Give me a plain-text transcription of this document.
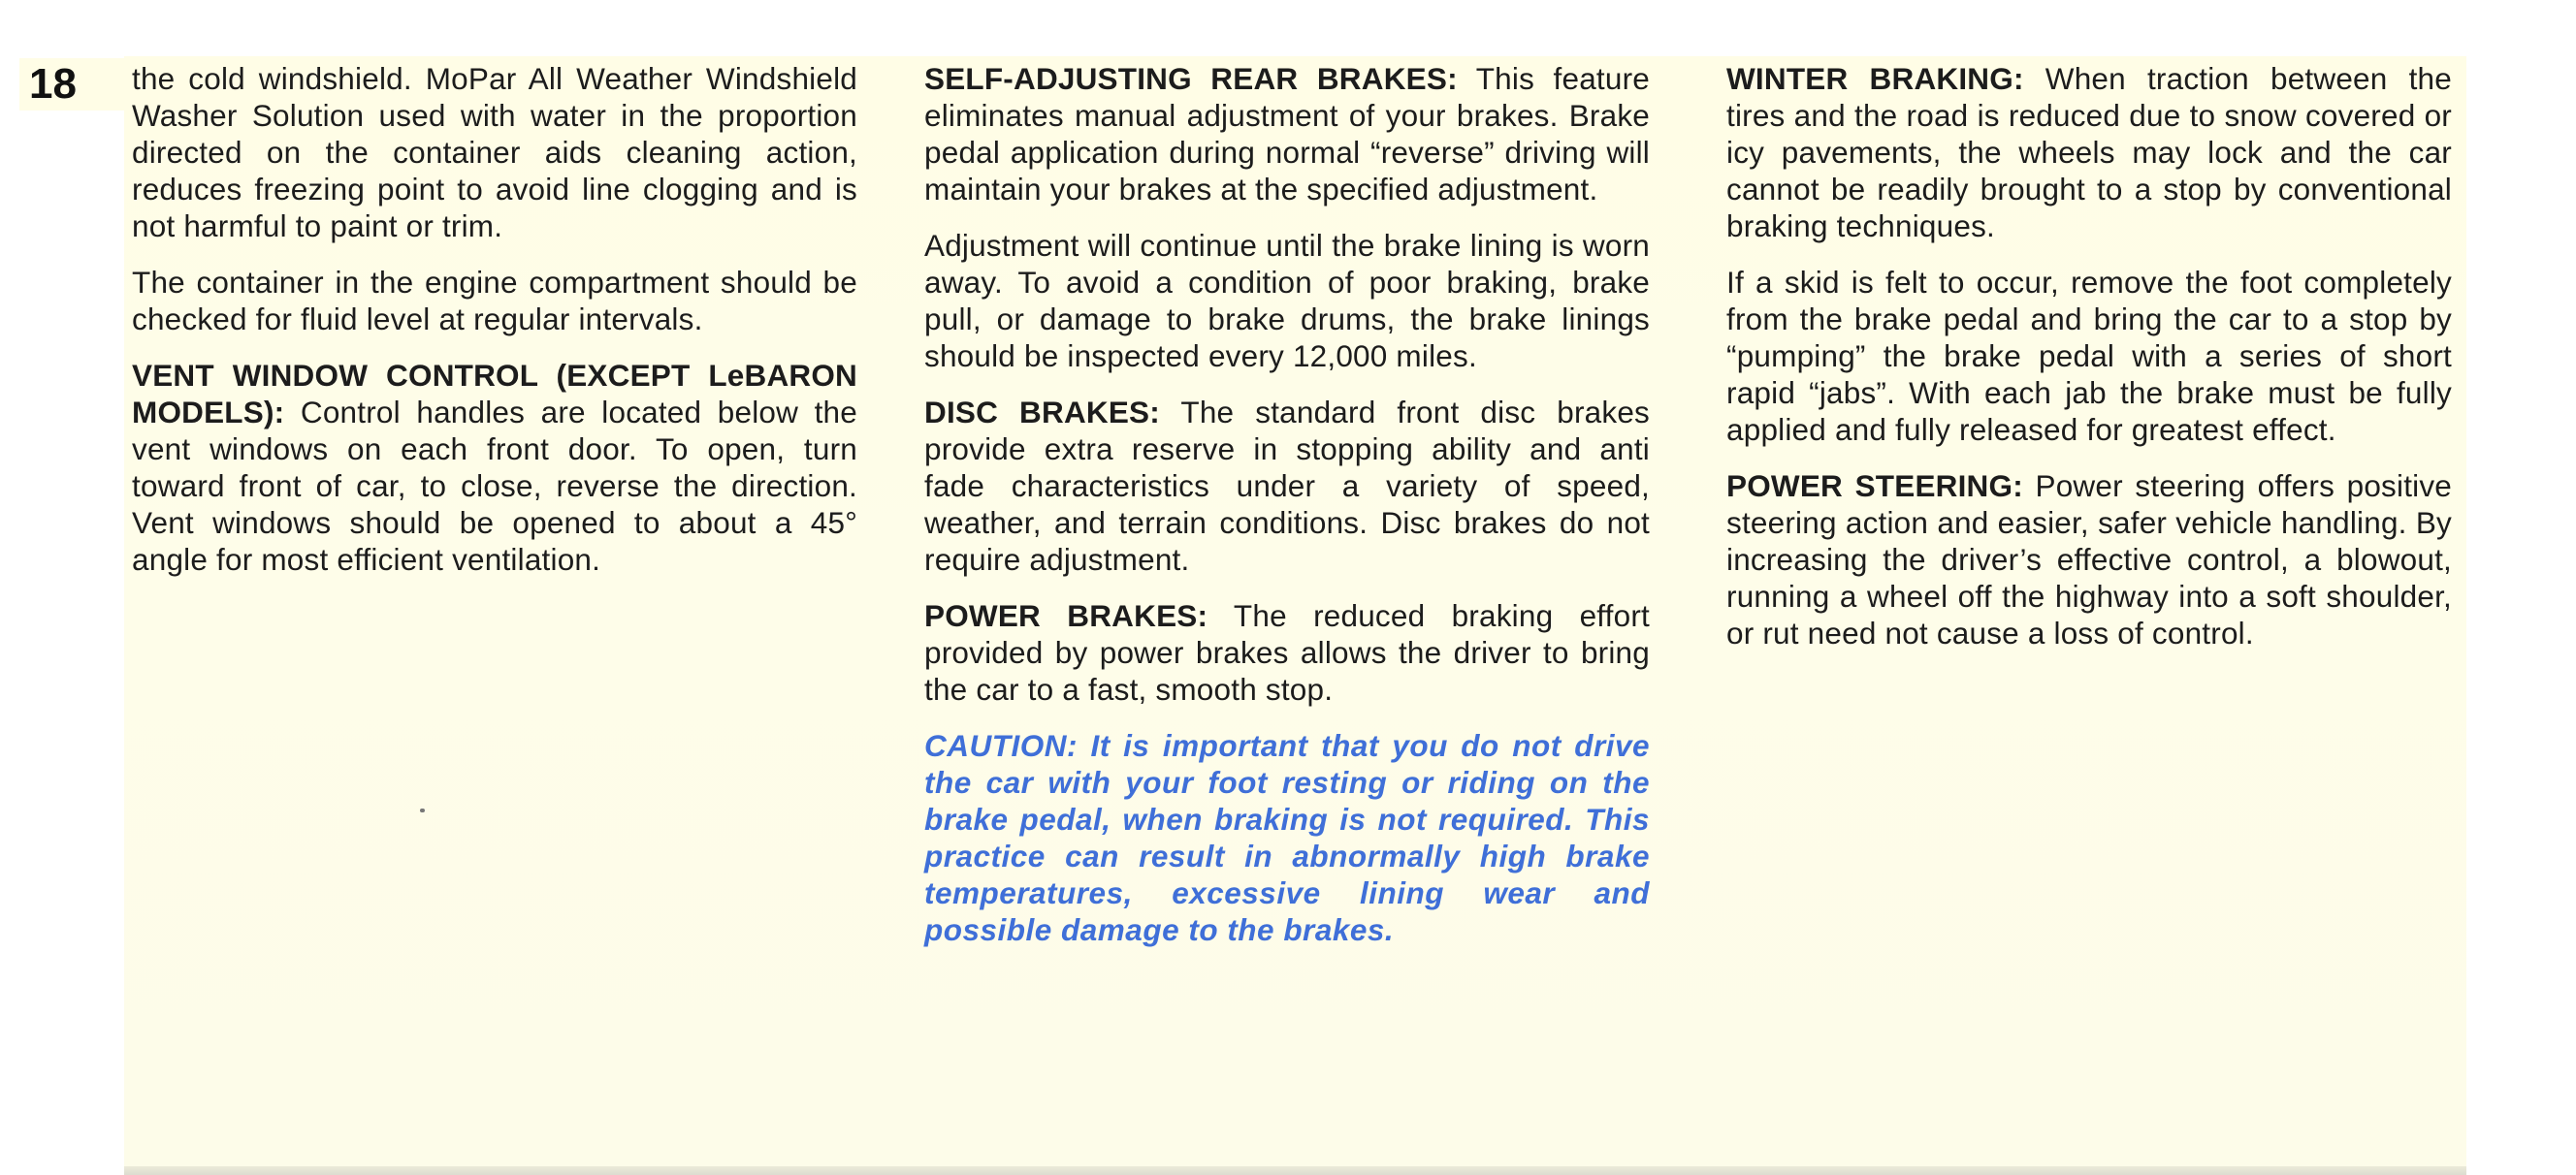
18	the cold windshield. MoPar All Weather Windshield Washer Solution used with water in the proportion directed on the container aids cleaning action, reduces freezing point to avoid line clogging and is not harmful to paint or trim.

The container in the engine compartment should be checked for fluid level at regular intervals.

VENT WINDOW CONTROL (EXCEPT LeBARON MODELS): Control handles are located below the vent windows on each front door. To open, turn toward front of car, to close, reverse the direction. Vent windows should be opened to about a 45° angle for most efficient ventilation.

SELF-ADJUSTING REAR BRAKES: This feature eliminates manual adjustment of your brakes. Brake pedal application during normal “reverse” driving will maintain your brakes at the specified adjustment.

Adjustment will continue until the brake lining is worn away. To avoid a condition of poor braking, brake pull, or damage to brake drums, the brake linings should be inspected every 12,000 miles.

DISC BRAKES: The standard front disc brakes provide extra reserve in stopping ability and anti fade characteristics under a variety of speed, weather, and terrain conditions. Disc brakes do not require adjustment.

POWER BRAKES: The reduced braking effort provided by power brakes allows the driver to bring the car to a fast, smooth stop.

CAUTION: It is important that you do not drive the car with your foot resting or riding on the brake pedal, when braking is not required. This practice can result in abnormally high brake temperatures, excessive lining wear and possible damage to the brakes.

WINTER BRAKING: When traction between the tires and the road is reduced due to snow covered or icy pavements, the wheels may lock and the car cannot be readily brought to a stop by conventional braking techniques.

If a skid is felt to occur, remove the foot completely from the brake pedal and bring the car to a stop by “pumping” the brake pedal with a series of short rapid “jabs”. With each jab the brake must be fully applied and fully released for greatest effect.

POWER STEERING: Power steering offers positive steering action and easier, safer vehicle handling. By increasing the driver’s effective control, a blowout, running a wheel off the highway into a soft shoulder, or rut need not cause a loss of control.
